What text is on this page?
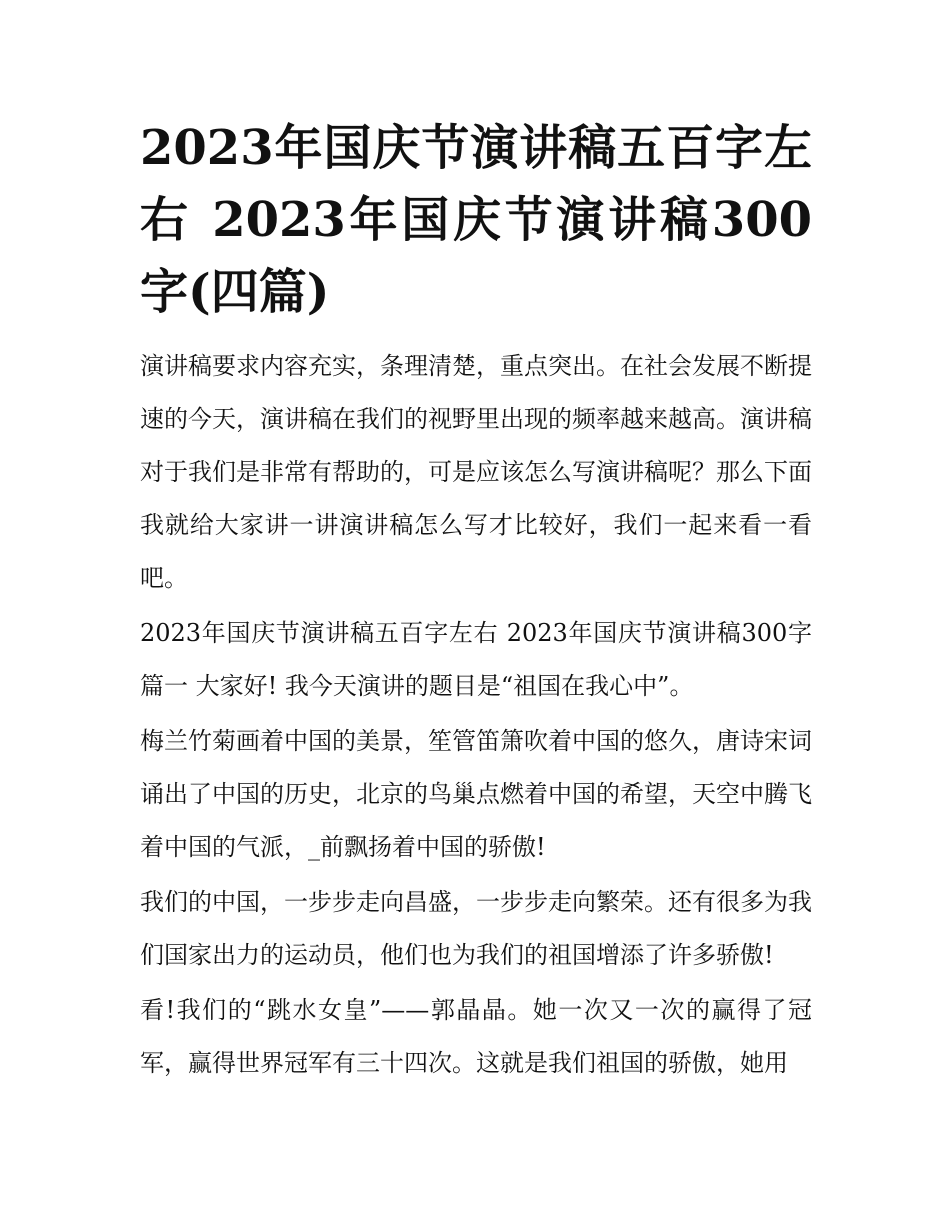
2023年国庆节演讲稿五百字左右 2023年国庆节演讲稿300字(四篇)

演讲稿要求内容充实，条理清楚，重点突出。在社会发展不断提速的今天，演讲稿在我们的视野里出现的频率越来越高。演讲稿对于我们是非常有帮助的，可是应该怎么写演讲稿呢？那么下面我就给大家讲一讲演讲稿怎么写才比较好，我们一起来看一看吧。

2023年国庆节演讲稿五百字左右 2023年国庆节演讲稿300字篇一 大家好! 我今天演讲的题目是“祖国在我心中”。

梅兰竹菊画着中国的美景，笙管笛箫吹着中国的悠久，唐诗宋词诵出了中国的历史，北京的鸟巢点燃着中国的希望，天空中腾飞着中国的气派，_前飘扬着中国的骄傲!

我们的中国，一步步走向昌盛，一步步走向繁荣。还有很多为我们国家出力的运动员，他们也为我们的祖国增添了许多骄傲!

看!我们的“跳水女皇”——郭晶晶。她一次又一次的赢得了冠军，赢得世界冠军有三十四次。这就是我们祖国的骄傲，她用
